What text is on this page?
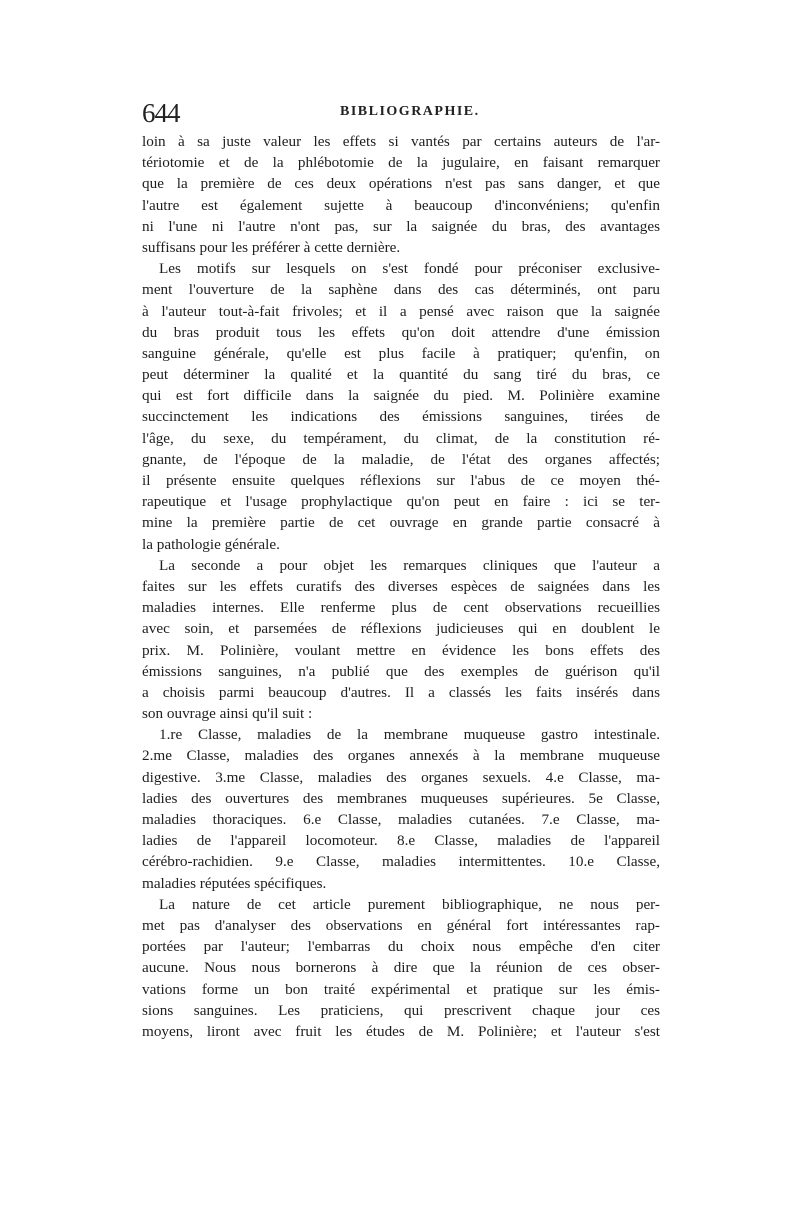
644	BIBLIOGRAPHIE.
loin à sa juste valeur les effets si vantés par certains auteurs de l'ar-
tériotomie et de la phlébotomie de la jugulaire, en faisant remarquer
que la première de ces deux opérations n'est pas sans danger, et que
l'autre est également sujette à beaucoup d'inconvéniens; qu'enfin
ni l'une ni l'autre n'ont pas, sur la saignée du bras, des avantages
suffisans pour les préférer à cette dernière.
Les motifs sur lesquels on s'est fondé pour préconiser exclusive-
ment l'ouverture de la saphène dans des cas déterminés, ont paru
à l'auteur tout-à-fait frivoles; et il a pensé avec raison que la saignée
du bras produit tous les effets qu'on doit attendre d'une émission
sanguine générale, qu'elle est plus facile à pratiquer; qu'enfin, on
peut déterminer la qualité et la quantité du sang tiré du bras, ce
qui est fort difficile dans la saignée du pied. M. Polinière examine
succinctement les indications des émissions sanguines, tirées de
l'âge, du sexe, du tempérament, du climat, de la constitution ré-
gnante, de l'époque de la maladie, de l'état des organes affectés;
il présente ensuite quelques réflexions sur l'abus de ce moyen thé-
rapeutique et l'usage prophylactique qu'on peut en faire : ici se ter-
mine la première partie de cet ouvrage en grande partie consacré à
la pathologie générale.
La seconde a pour objet les remarques cliniques que l'auteur a
faites sur les effets curatifs des diverses espèces de saignées dans les
maladies internes. Elle renferme plus de cent observations recueillies
avec soin, et parsemées de réflexions judicieuses qui en doublent le
prix. M. Polinière, voulant mettre en évidence les bons effets des
émissions sanguines, n'a publié que des exemples de guérison qu'il
a choisis parmi beaucoup d'autres. Il a classés les faits insérés dans
son ouvrage ainsi qu'il suit :
1.re Classe, maladies de la membrane muqueuse gastro intestinale.
2.me Classe, maladies des organes annexés à la membrane muqueuse
digestive. 3.me Classe, maladies des organes sexuels. 4.e Classe, ma-
ladies des ouvertures des membranes muqueuses supérieures. 5e Classe,
maladies thoraciques. 6.e Classe, maladies cutanées. 7.e Classe, ma-
ladies de l'appareil locomoteur. 8.e Classe, maladies de l'appareil
cérébro-rachidien. 9.e Classe, maladies intermittentes. 10.e Classe,
maladies réputées spécifiques.
La nature de cet article purement bibliographique, ne nous per-
met pas d'analyser des observations en général fort intéressantes rap-
portées par l'auteur; l'embarras du choix nous empêche d'en citer
aucune. Nous nous bornerons à dire que la réunion de ces obser-
vations forme un bon traité expérimental et pratique sur les émis-
sions sanguines. Les praticiens, qui prescrivent chaque jour ces
moyens, liront avec fruit les études de M. Polinière; et l'auteur s'est
